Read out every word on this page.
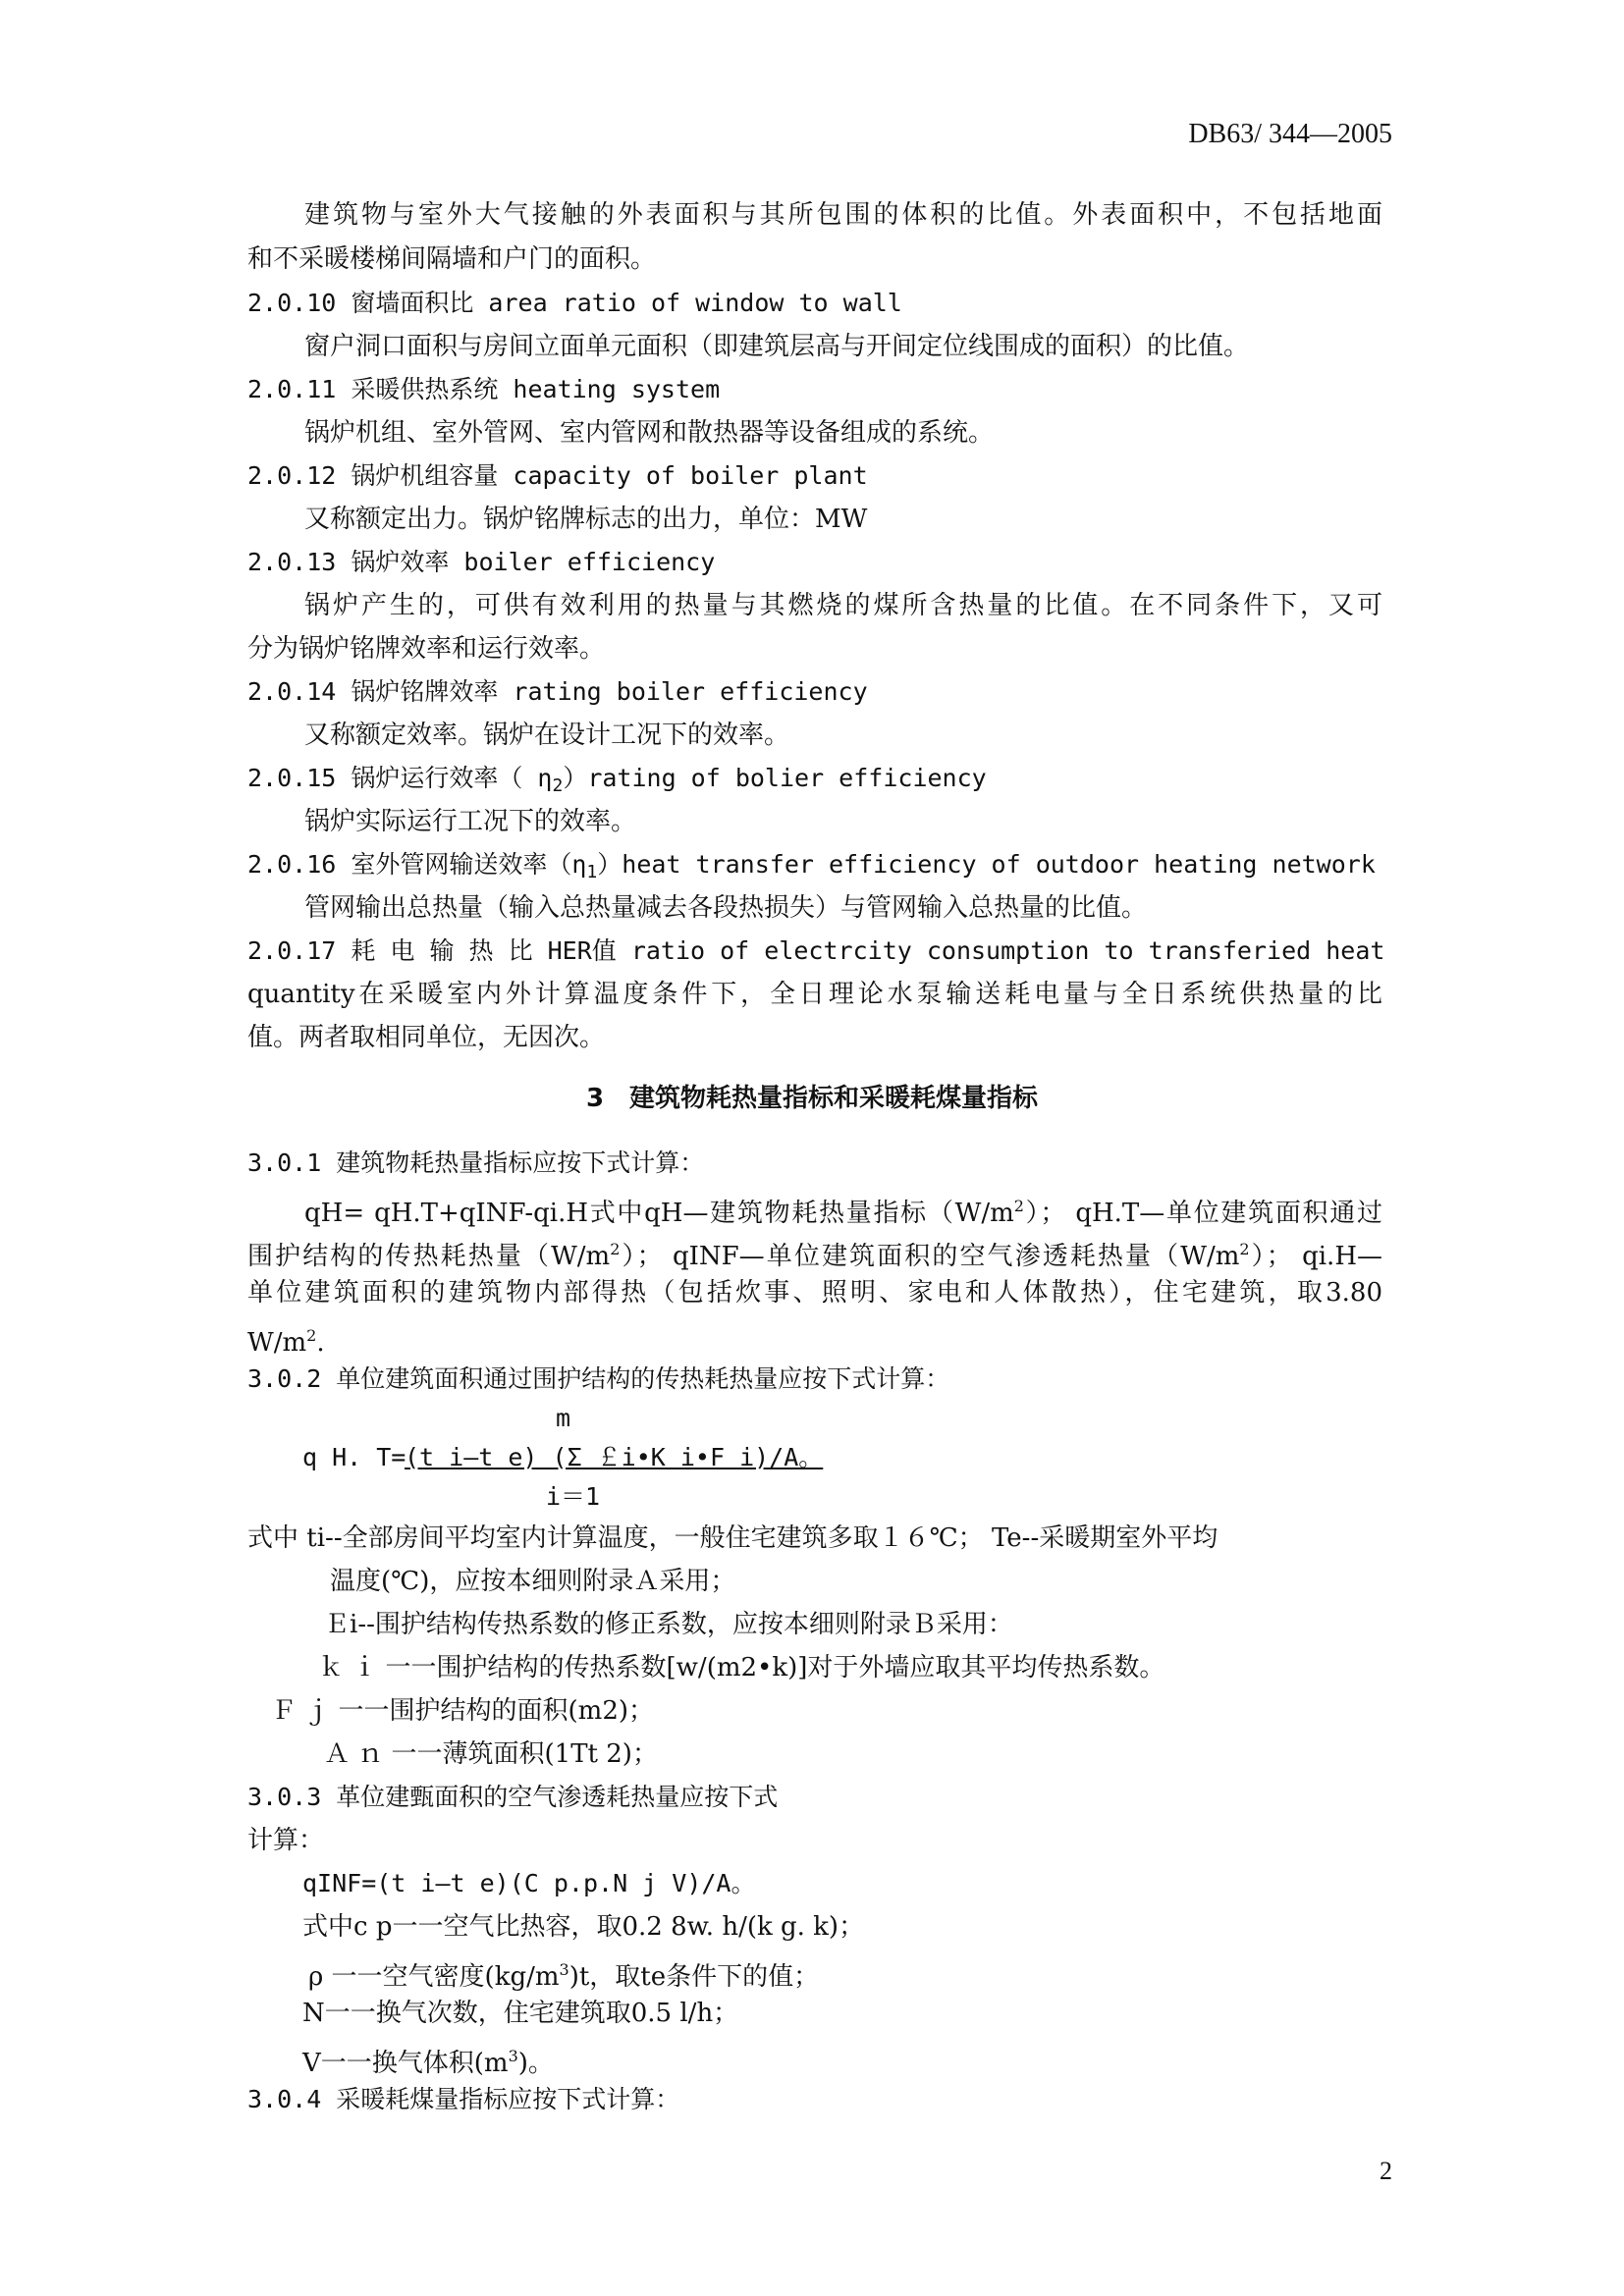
DB63/ 344—2005
建筑物与室外大气接触的外表面积与其所包围的体积的比值。外表面积中，不包括地面
和不采暖楼梯间隔墙和户门的面积。
2.0.10 窗墙面积比 area ratio of window to wall
窗户洞口面积与房间立面单元面积（即建筑层高与开间定位线围成的面积）的比值。
2.0.11 采暖供热系统 heating system
锅炉机组、室外管网、室内管网和散热器等设备组成的系统。
2.0.12 锅炉机组容量 capacity of boiler plant
又称额定出力。锅炉铭牌标志的出力，单位：MW
2.0.13 锅炉效率 boiler efficiency
锅炉产生的，可供有效利用的热量与其燃烧的煤所含热量的比值。在不同条件下，又可
分为锅炉铭牌效率和运行效率。
2.0.14 锅炉铭牌效率 rating boiler efficiency
又称额定效率。锅炉在设计工况下的效率。
2.0.15 锅炉运行效率（ $\eta_2)rating$ of bolier efficiency
锅炉实际运行工况下的效率。
2.0.16 室外管网输送效率$(\eta_1)heat$ transfer efficiency of outdoor heating network
管网输出总热量（输入总热量减去各段热损失）与管网输入总热量的比值。
2.0.17 耗 电 输 热 比 HER值 ratio of electrcity consumption to transferied heat
quantity在采暖室内外计算温度条件下，全日理论水泵输送耗电量与全日系统供热量的比
值。两者取相同单位，无因次。
3　建筑物耗热量指标和采暖耗煤量指标
3.0.1 建筑物耗热量指标应按下式计算：
qH= qH.T+qINF-qi.H式中qH—建筑物耗热量指标$(W/m^2)$； qH.T—单位建筑面积通过
围护结构的传热耗热量$(W/m^2)$； qINF—单位建筑面积的空气渗透耗热量$(W/m^2)$； qi.H—
单位建筑面积的建筑物内部得热（包括炊事、照明、家电和人体散热），住宅建筑，取3.80
$W/m^2$.
3.0.2 单位建筑面积通过围护结构的传热耗热量应按下式计算：
m
q H. T=
(t i—t e) (Σ ￡i•K i•F i)/A。
i＝1
式中 ti--全部房间平均室内计算温度，一般住宅建筑多取１６℃； Te--采暖期室外平均
温度(℃)，应按本细则附录Ａ采用；
Ｅi--围护结构传热系数的修正系数，应按本细则附录Ｂ采用：
ｋ ｉ 一一围护结构的传热系数[w/(m2•k)]对于外墙应取其平均传热系数。
Ｆ ｊ 一一围护结构的面积(m2)；
Ａ ｎ 一一薄筑面积(1Tt 2)；
3.0.3 革位建甄面积的空气渗透耗热量应按下式
计算：
qINF=(t i—t e)(C p.p.N j V)/A。
式中c p一一空气比热容，取0.2 8w. h/(k g. k)；
ρ 一一空气密度$(kg/m^3)t$，取te条件下的值；
N一一换气次数，住宅建筑取0.5 l/h；
V一一换气体积$(m^3)$。
3.0.4 采暖耗煤量指标应按下式计算：
2
